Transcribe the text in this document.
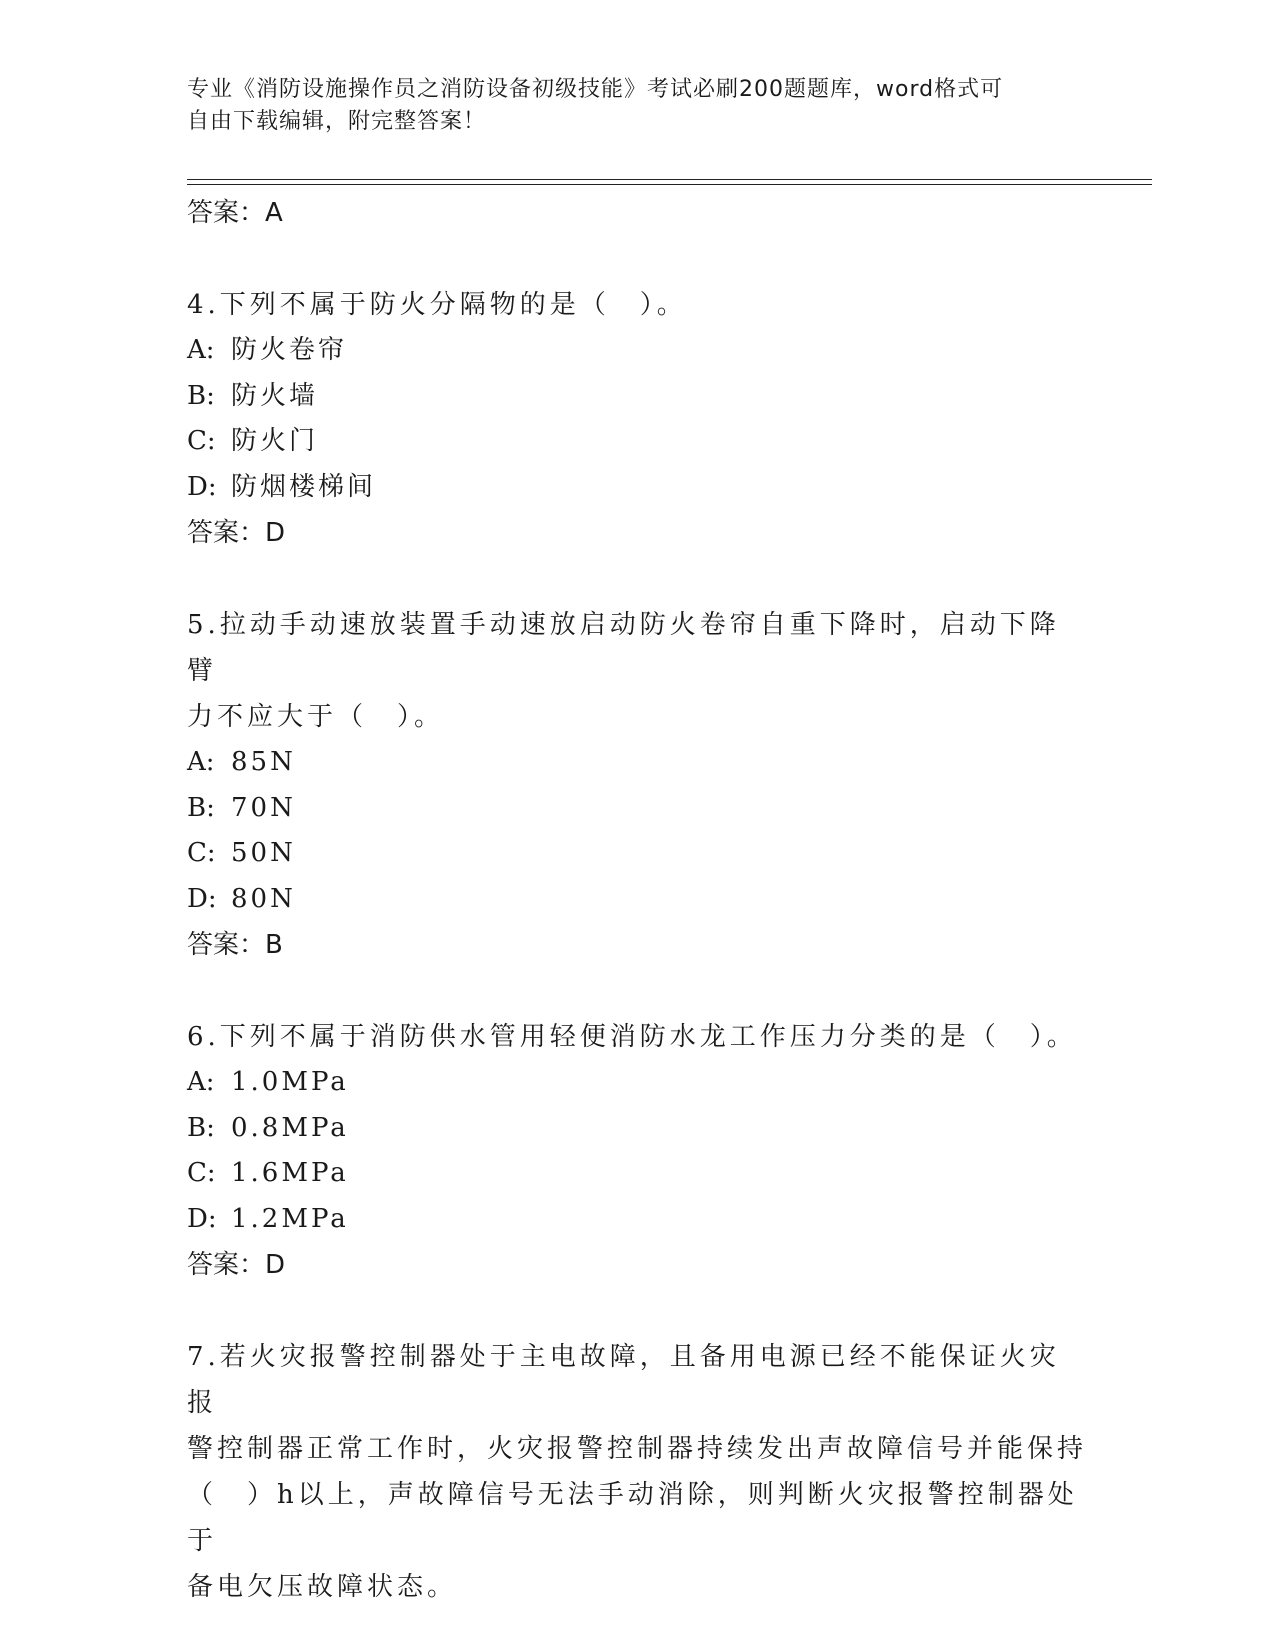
专业《消防设施操作员之消防设备初级技能》考试必刷200题题库，word格式可
自由下载编辑，附完整答案！
答案：A
4.下列不属于防火分隔物的是（　）。
A: 防火卷帘
B: 防火墙
C: 防火门
D: 防烟楼梯间
答案：D
5.拉动手动速放装置手动速放启动防火卷帘自重下降时，启动下降臂
力不应大于（　）。
A: 85N
B: 70N
C: 50N
D: 80N
答案：B
6.下列不属于消防供水管用轻便消防水龙工作压力分类的是（　）。
A: 1.0MPa
B: 0.8MPa
C: 1.6MPa
D: 1.2MPa
答案：D
7.若火灾报警控制器处于主电故障，且备用电源已经不能保证火灾报
警控制器正常工作时，火灾报警控制器持续发出声故障信号并能保持
（　）h以上，声故障信号无法手动消除，则判断火灾报警控制器处于
备电欠压故障状态。
